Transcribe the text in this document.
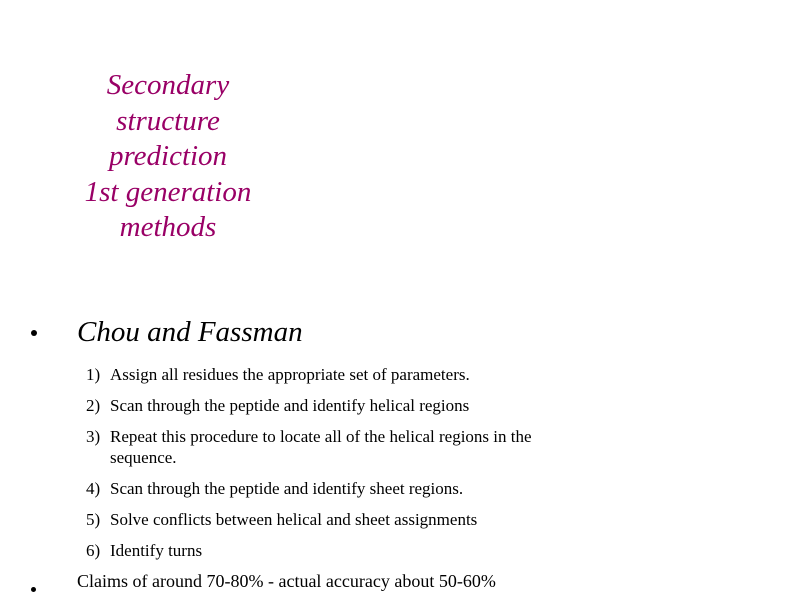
Secondary
structure
prediction
1st generation
methods
Chou and Fassman
1) Assign all residues the appropriate set of parameters.
2) Scan through the peptide and identify helical regions
3) Repeat this procedure to locate all of the helical regions in the
sequence.
4) Scan through the peptide and identify sheet regions.
5) Solve conflicts between helical and sheet assignments
6) Identify turns
Claims of around 70-80% - actual accuracy about 50-60%
